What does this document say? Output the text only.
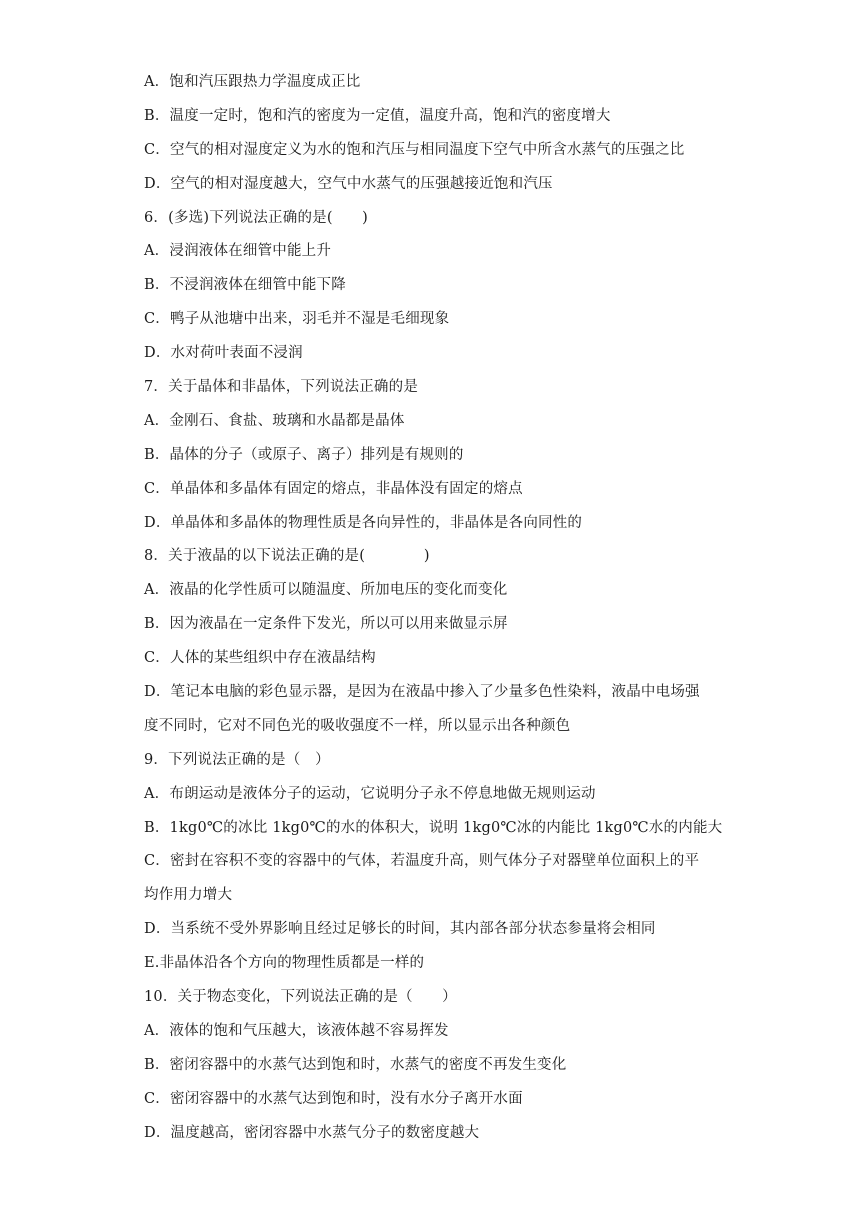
A．饱和汽压跟热力学温度成正比
B．温度一定时，饱和汽的密度为一定值，温度升高，饱和汽的密度增大
C．空气的相对湿度定义为水的饱和汽压与相同温度下空气中所含水蒸气的压强之比
D．空气的相对湿度越大，空气中水蒸气的压强越接近饱和汽压
6．(多选)下列说法正确的是(　　)
A．浸润液体在细管中能上升
B．不浸润液体在细管中能下降
C．鸭子从池塘中出来，羽毛并不湿是毛细现象
D．水对荷叶表面不浸润
7．关于晶体和非晶体，下列说法正确的是
A．金刚石、食盐、玻璃和水晶都是晶体
B．晶体的分子（或原子、离子）排列是有规则的
C．单晶体和多晶体有固定的熔点，非晶体没有固定的熔点
D．单晶体和多晶体的物理性质是各向异性的，非晶体是各向同性的
8．关于液晶的以下说法正确的是(　　　　)
A．液晶的化学性质可以随温度、所加电压的变化而变化
B．因为液晶在一定条件下发光，所以可以用来做显示屏
C．人体的某些组织中存在液晶结构
D．笔记本电脑的彩色显示器，是因为在液晶中掺入了少量多色性染料，液晶中电场强
度不同时，它对不同色光的吸收强度不一样，所以显示出各种颜色
9．下列说法正确的是（　）
A．布朗运动是液体分子的运动，它说明分子永不停息地做无规则运动
B．1kg0℃的冰比 1kg0℃的水的体积大，说明 1kg0℃冰的内能比 1kg0℃水的内能大
C．密封在容积不变的容器中的气体，若温度升高，则气体分子对器壁单位面积上的平
均作用力增大
D．当系统不受外界影响且经过足够长的时间，其内部各部分状态参量将会相同
E.非晶体沿各个方向的物理性质都是一样的
10．关于物态变化，下列说法正确的是（　　）
A．液体的饱和气压越大，该液体越不容易挥发
B．密闭容器中的水蒸气达到饱和时，水蒸气的密度不再发生变化
C．密闭容器中的水蒸气达到饱和时，没有水分子离开水面
D．温度越高，密闭容器中水蒸气分子的数密度越大
